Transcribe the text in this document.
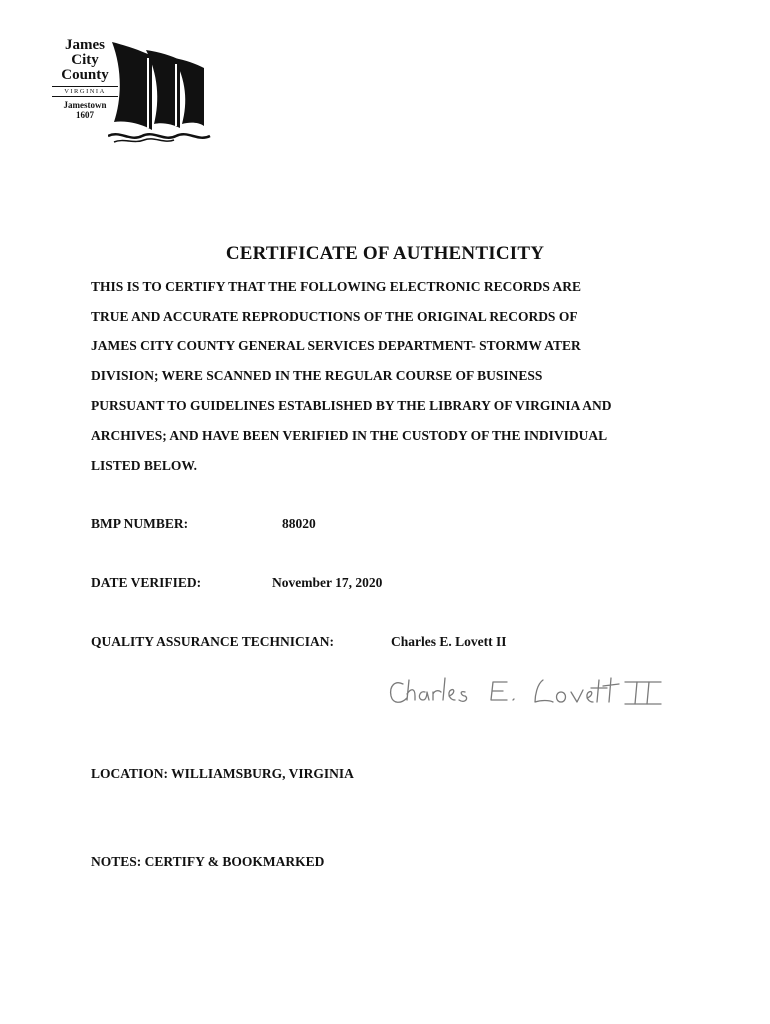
James
City
County
VIRGINIA
Jamestown
1607
CERTIFICATE OF AUTHENTICITY
THIS IS TO CERTIFY THAT THE FOLLOWING ELECTRONIC RECORDS ARE
TRUE AND ACCURATE REPRODUCTIONS OF THE ORIGINAL RECORDS OF
JAMES CITY COUNTY GENERAL SERVICES DEPARTMENT- STORMW ATER
DIVISION; WERE SCANNED IN THE REGULAR COURSE OF BUSINESS
PURSUANT TO GUIDELINES ESTABLISHED BY THE LIBRARY OF VIRGINIA AND
ARCHIVES; AND HAVE BEEN VERIFIED IN THE CUSTODY OF THE INDIVIDUAL
LISTED BELOW.
BMP NUMBER:	88020
DATE VERIFIED:	November 17, 2020
QUALITY ASSURANCE TECHNICIAN:	Charles E. Lovett II
LOCATION: WILLIAMSBURG, VIRGINIA
NOTES: CERTIFY & BOOKMARKED
